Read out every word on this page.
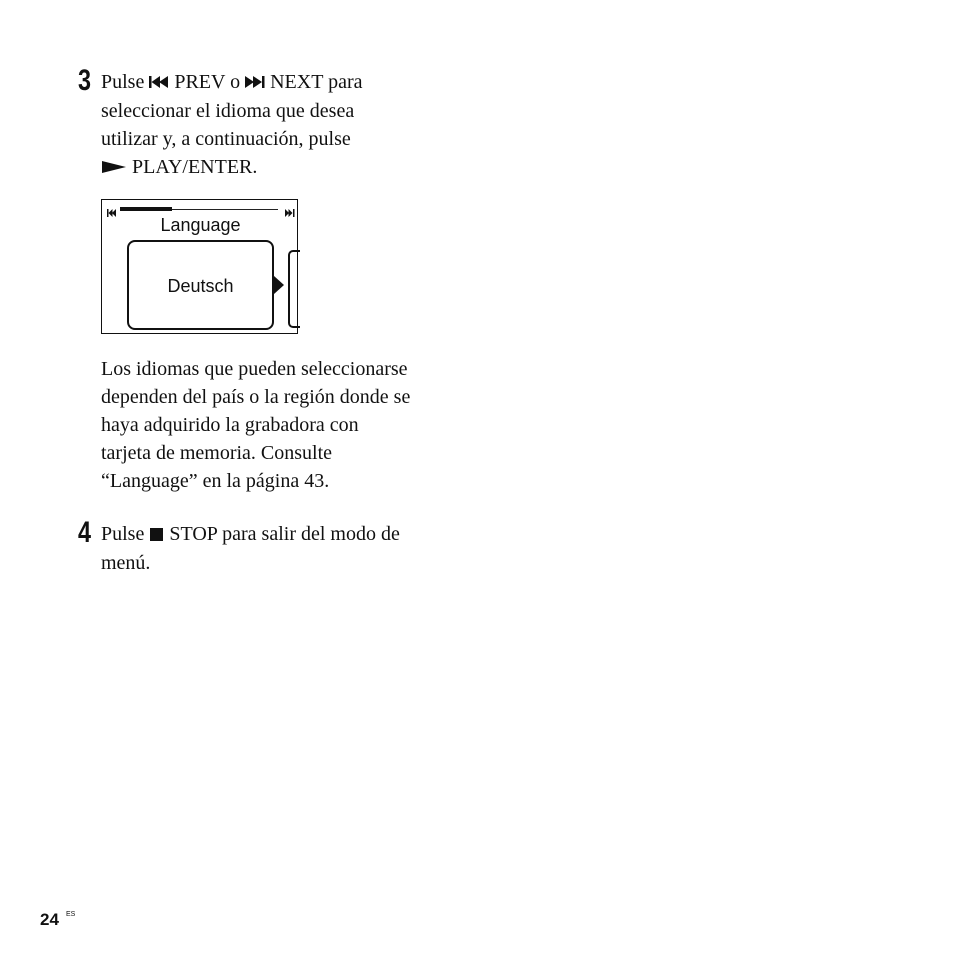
3 Pulse  PREV o  NEXT para
seleccionar el idioma que desea
utilizar y, a continuación, pulse
PLAY/ENTER.
Language
Deutsch
Los idiomas que pueden seleccionarse
dependen del país o la región donde se
haya adquirido la grabadora con
tarjeta de memoria. Consulte
“Language” en la página 43.
4 Pulse  STOP para salir del modo de
menú.
24 ES
